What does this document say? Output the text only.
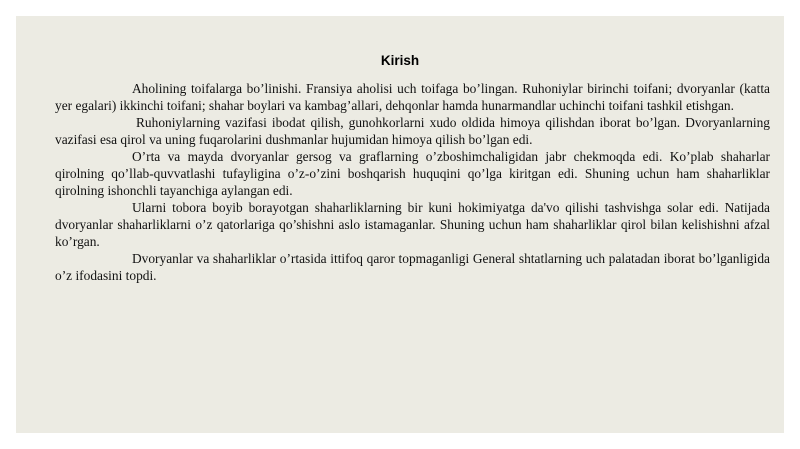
Kirish

Aholining toifalarga bo’linishi. Fransiya aholisi uch toifaga bo’lingan. Ruhoniylar birinchi toifani; dvoryanlar (katta yer egalari) ikkinchi toifani; shahar boylari va kambag’allari, dehqonlar hamda hunarmandlar uchinchi toifani tashkil etishgan.

Ruhoniylarning vazifasi ibodat qilish, gunohkorlarni xudo oldida himoya qilishdan iborat bo’lgan. Dvoryanlarning vazifasi esa qirol va uning fuqarolarini dushmanlar hujumidan himoya qilish bo’lgan edi.

O’rta va mayda dvoryanlar gersog va graflarning o’zboshimchaligidan jabr chekmoqda edi. Ko’plab shaharlar qirolning qo’llab-quvvatlashi tufayligina o’z-o’zini boshqarish huquqini qo’lga kiritgan edi. Shuning uchun ham shaharliklar qirolning ishonchli tayanchiga aylangan edi.

Ularni tobora boyib borayotgan shaharliklarning bir kuni hokimiyatga da'vo qilishi tashvishga solar edi. Natijada dvoryanlar shaharliklarni o’z qatorlariga qo’shishni aslo istamaganlar. Shuning uchun ham shaharliklar qirol bilan kelishishni afzal ko’rgan.

Dvoryanlar va shaharliklar o’rtasida ittifoq qaror topmaganligi General shtatlarning uch palatadan iborat bo’lganligida o’z ifodasini topdi.
